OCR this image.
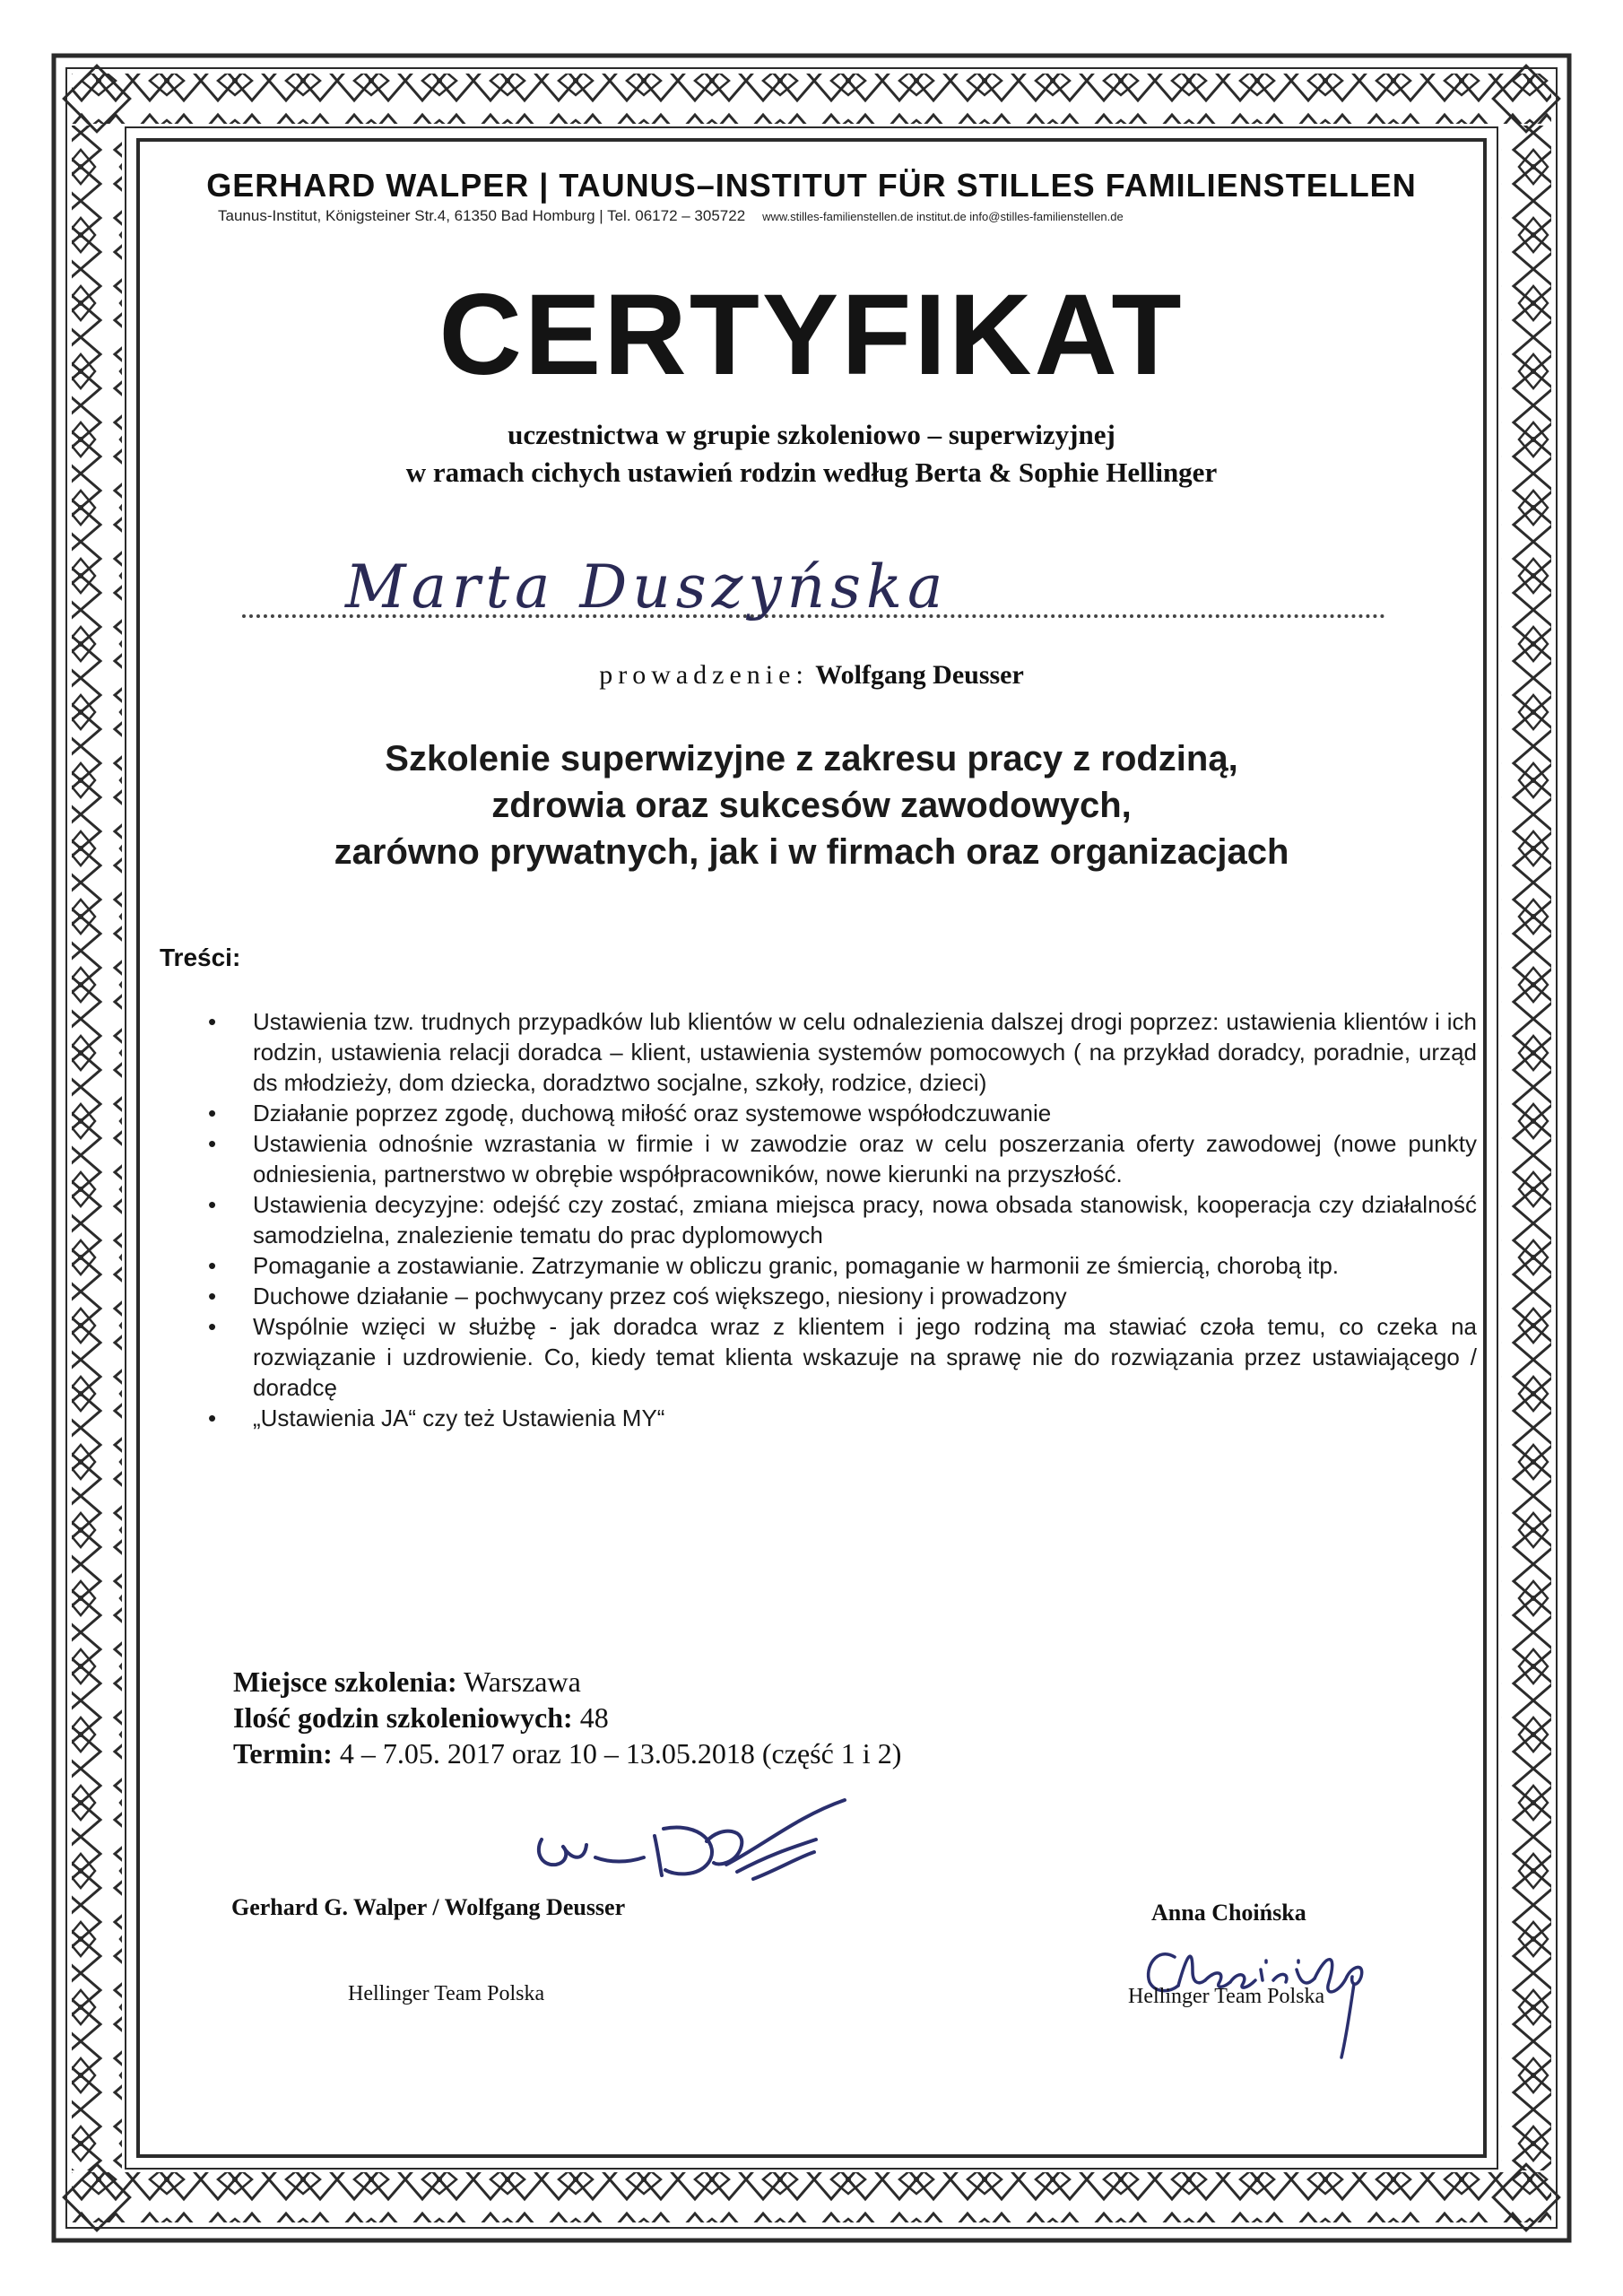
GERHARD WALPER | TAUNUS–INSTITUT FÜR STILLES FAMILIENSTELLEN
Taunus-Institut, Königsteiner Str.4, 61350 Bad Homburg | Tel. 06172 – 305722 www.stilles-familienstellen.de institut.de info@stilles-familienstellen.de
CERTYFIKAT
uczestnictwa w grupie szkoleniowo – superwizyjnej
w ramach cichych ustawień rodzin według Berta & Sophie Hellinger
Marta Duszyńska
prowadzenie: Wolfgang Deusser
Szkolenie superwizyjne z zakresu pracy z rodziną,
zdrowia oraz sukcesów zawodowych,
zarówno prywatnych, jak i w firmach oraz organizacjach
Treści:
• Ustawienia tzw. trudnych przypadków lub klientów w celu odnalezienia dalszej drogi poprzez: ustawienia klientów i ich rodzin, ustawienia relacji doradca – klient, ustawienia systemów pomocowych ( na przykład doradcy, poradnie, urząd ds młodzieży, dom dziecka, doradztwo socjalne, szkoły, rodzice, dzieci)
• Działanie poprzez zgodę, duchową miłość oraz systemowe współodczuwanie
• Ustawienia odnośnie wzrastania w firmie i w zawodzie oraz w celu poszerzania oferty zawodowej (nowe punkty odniesienia, partnerstwo w obrębie współpracowników, nowe kierunki na przyszłość.
• Ustawienia decyzyjne: odejść czy zostać, zmiana miejsca pracy, nowa obsada stanowisk, kooperacja czy działalność samodzielna, znalezienie tematu do prac dyplomowych
• Pomaganie a zostawianie. Zatrzymanie w obliczu granic, pomaganie w harmonii ze śmiercią, chorobą itp.
• Duchowe działanie – pochwycany przez coś większego, niesiony i prowadzony
• Wspólnie wzięci w służbę - jak doradca wraz z klientem i jego rodziną ma stawiać czoła temu, co czeka na rozwiązanie i uzdrowienie. Co, kiedy temat klienta wskazuje na sprawę nie do rozwiązania przez ustawiającego / doradcę
• „Ustawienia JA“ czy też Ustawienia MY“
Miejsce szkolenia: Warszawa
Ilość godzin szkoleniowych: 48
Termin: 4 – 7.05. 2017 oraz 10 – 13.05.2018 (część 1 i 2)
Gerhard G. Walper / Wolfgang Deusser
Hellinger Team Polska
Anna Choińska
Hellinger Team Polska
